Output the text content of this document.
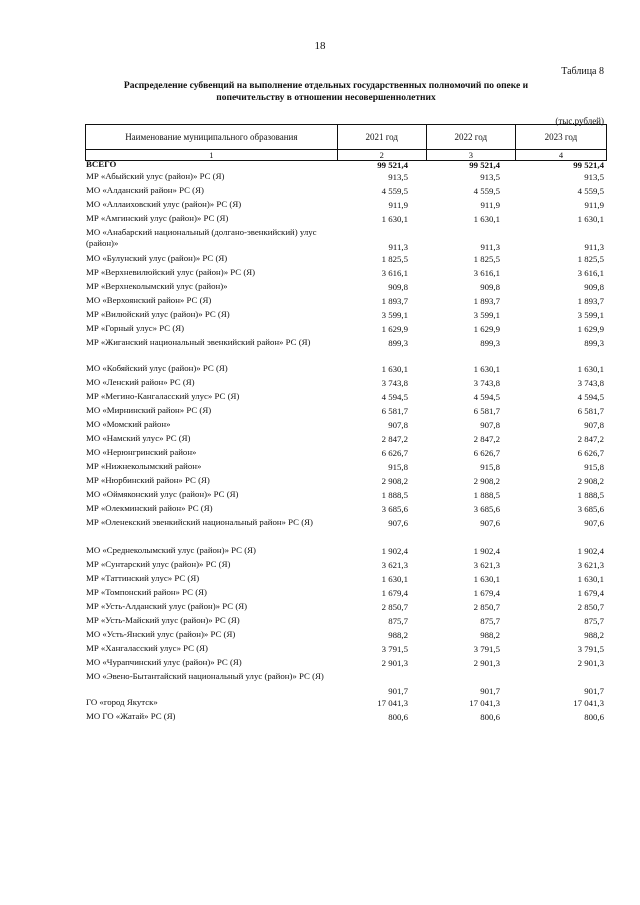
18
Таблица 8
Распределение субвенций на выполнение отдельных государственных полномочий по опеке и попечительству в отношении несовершеннолетних
(тыс.рублей)
Наименование муниципального образования	2021 год	2022 год	2023 год
1	2	3	4
ВСЕГО	99 521,4	99 521,4	99 521,4
МР «Абыйский улус (район)» РС (Я)	913,5	913,5	913,5
МО «Алданский район» РС (Я)	4 559,5	4 559,5	4 559,5
МО «Аллаиховский улус (район)» РС (Я)	911,9	911,9	911,9
МР «Амгинский улус (район)» РС (Я)	1 630,1	1 630,1	1 630,1
МО «Анабарский национальный (долгано-эвенкийский) улус (район)»	911,3	911,3	911,3
МО «Булунский улус (район)» РС (Я)	1 825,5	1 825,5	1 825,5
МР «Верхневилюйский улус (район)» РС (Я)	3 616,1	3 616,1	3 616,1
МР «Верхнеколымский улус (район)»	909,8	909,8	909,8
МО «Верхоянский район» РС (Я)	1 893,7	1 893,7	1 893,7
МР «Вилюйский улус (район)» РС (Я)	3 599,1	3 599,1	3 599,1
МР «Горный улус» РС (Я)	1 629,9	1 629,9	1 629,9
МР «Жиганский национальный эвенкийский район» РС (Я)	899,3	899,3	899,3
МО «Кобяйский улус (район)» РС (Я)	1 630,1	1 630,1	1 630,1
МО «Ленский район» РС (Я)	3 743,8	3 743,8	3 743,8
МР «Мегино-Кангаласский улус» РС (Я)	4 594,5	4 594,5	4 594,5
МО «Мирнинский район» РС (Я)	6 581,7	6 581,7	6 581,7
МО «Момский район»	907,8	907,8	907,8
МО «Намский улус» РС (Я)	2 847,2	2 847,2	2 847,2
МО «Нерюнгринский район»	6 626,7	6 626,7	6 626,7
МР «Нижнеколымский район»	915,8	915,8	915,8
МР «Нюрбинский район» РС (Я)	2 908,2	2 908,2	2 908,2
МО «Оймяконский улус (район)» РС (Я)	1 888,5	1 888,5	1 888,5
МР «Олекминский район» РС (Я)	3 685,6	3 685,6	3 685,6
МР «Оленекский эвенкийский национальный район» РС (Я)	907,6	907,6	907,6
МО «Среднеколымский улус (район)» РС (Я)	1 902,4	1 902,4	1 902,4
МР «Сунтарский улус (район)» РС (Я)	3 621,3	3 621,3	3 621,3
МР «Таттинский улус» РС (Я)	1 630,1	1 630,1	1 630,1
МР «Томпонский район» РС (Я)	1 679,4	1 679,4	1 679,4
МР «Усть-Алданский улус (район)» РС (Я)	2 850,7	2 850,7	2 850,7
МР «Усть-Майский улус (район)» РС (Я)	875,7	875,7	875,7
МО «Усть-Янский улус (район)» РС (Я)	988,2	988,2	988,2
МР «Хангаласский улус» РС (Я)	3 791,5	3 791,5	3 791,5
МО «Чурапчинский улус (район)» РС (Я)	2 901,3	2 901,3	2 901,3
МО «Эвено-Бытантайский национальный улус (район)» РС (Я)
901,7	901,7	901,7
ГО «город Якутск»	17 041,3	17 041,3	17 041,3
МО ГО «Жатай» РС (Я)	800,6	800,6	800,6
